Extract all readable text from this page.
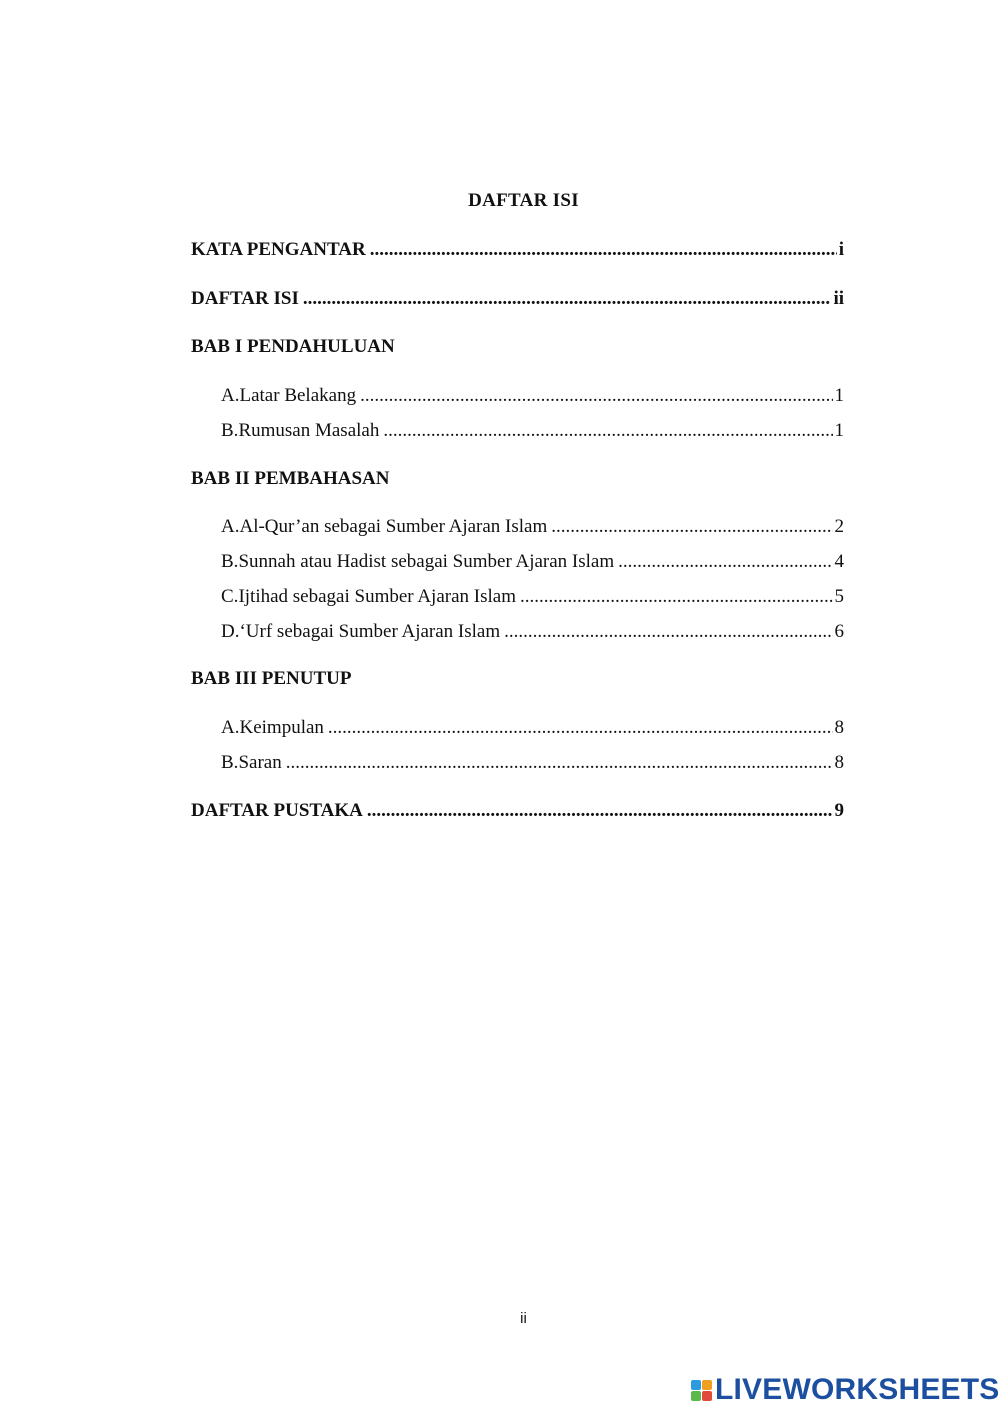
DAFTAR ISI
KATA PENGANTAR .....	i
DAFTAR ISI .....	ii
BAB I PENDAHULUAN
A. Latar Belakang .....	1
B. Rumusan Masalah .....	1
BAB II PEMBAHASAN
A. Al-Qur’an sebagai Sumber Ajaran Islam .....	2
B. Sunnah atau Hadist sebagai Sumber Ajaran Islam .....	4
C. Ijtihad sebagai Sumber Ajaran Islam .....	5
D. ‘Urf sebagai Sumber Ajaran Islam .....	6
BAB III PENUTUP
A. Keimpulan .....	8
B. Saran .....	8
DAFTAR PUSTAKA .....	9
ii
LIVEWORKSHEETS
